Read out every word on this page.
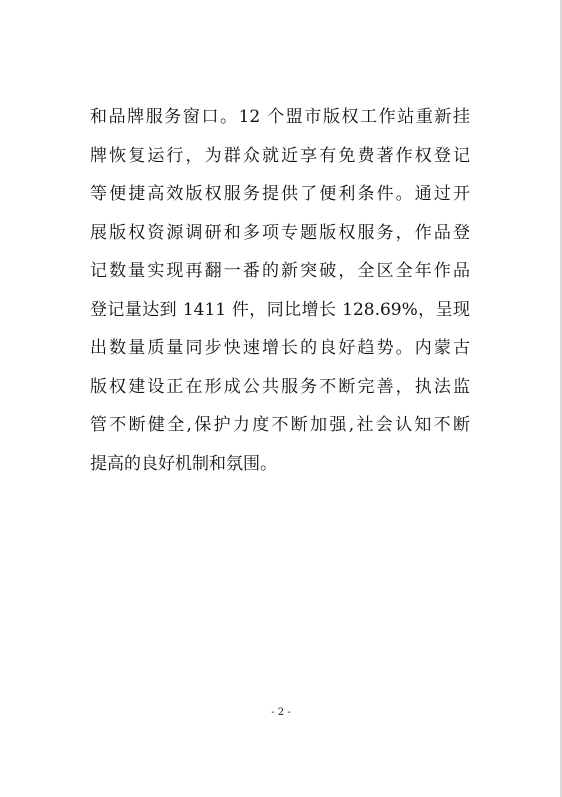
和品牌服务窗口。12 个盟市版权工作站重新挂
牌恢复运行，为群众就近享有免费著作权登记
等便捷高效版权服务提供了便利条件。通过开
展版权资源调研和多项专题版权服务，作品登
记数量实现再翻一番的新突破，全区全年作品
登记量达到 1411 件，同比增长 128.69%，呈现
出数量质量同步快速增长的良好趋势。内蒙古
版权建设正在形成公共服务不断完善，执法监
管不断健全,保护力度不断加强,社会认知不断
提高的良好机制和氛围。
- 2 -
